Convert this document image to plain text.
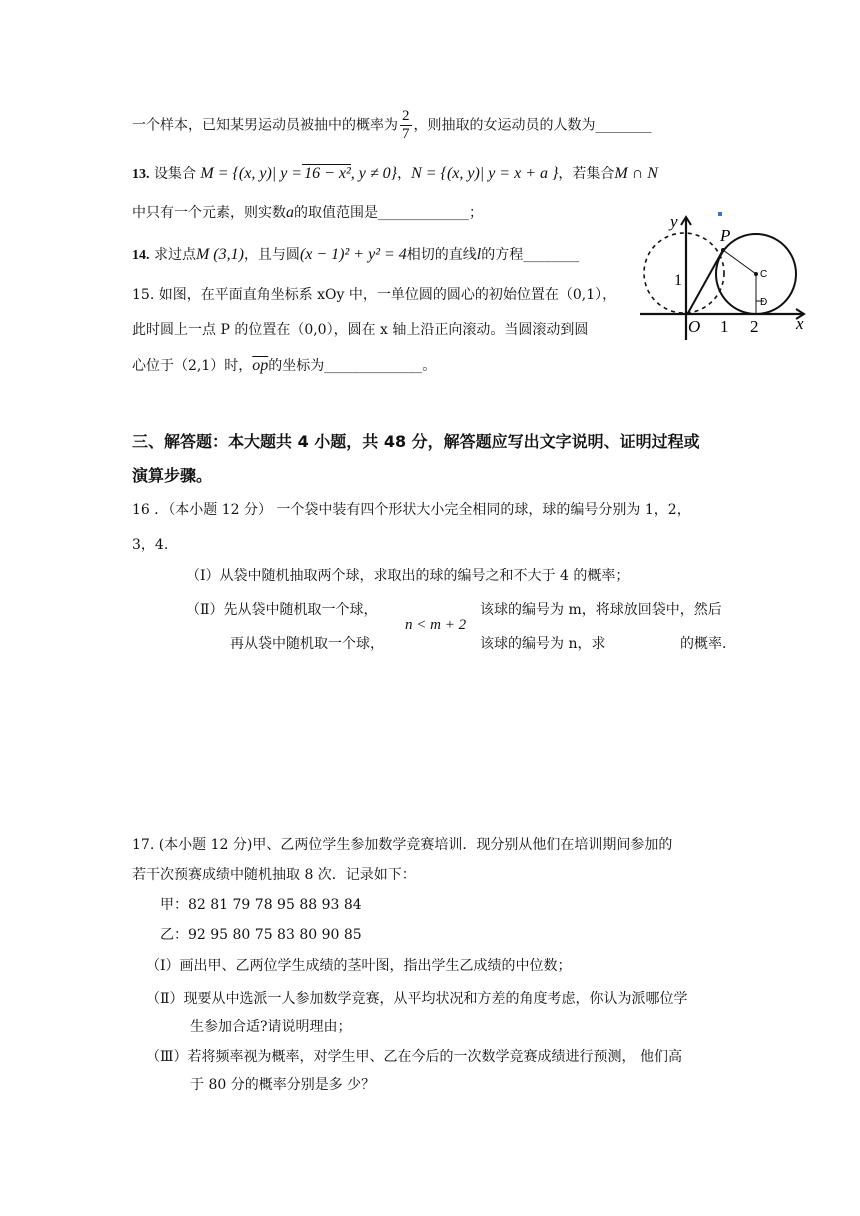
一个样本，已知某男运动员被抽中的概率为 $\frac{2}{7}$ ，则抽取的女运动员的人数为________
13. 设集合 M = {(x, y)| y = 16 − x², y ≠ 0}，N = {(x, y)| y = x + a }，若集合M ∩ N
中只有一个元素，则实数a的取值范围是_____________；
14. 求过点M (3,1)，且与圆(x − 1)² + y² = 4相切的直线l的方程________
15. 如图，在平面直角坐标系 xOy 中，一单位圆的圆心的初始位置在（0,1），
此时圆上一点 P 的位置在（0,0），圆在 x 轴上沿正向滚动。当圆滚动到圆
心位于（2,1）时，$\overline{op}$的坐标为______________。
y
x
P
C
D
1
O 1 2
三、解答题：本大题共 4 小题，共 48 分，解答题应写出文字说明、证明过程或
演算步骤。
16 ．（本小题 12 分） 一个袋中装有四个形状大小完全相同的球，球的编号分别为 1，2，
3，4.
（Ⅰ）从袋中随机抽取两个球，求取出的球的编号之和不大于 4 的概率；
（Ⅱ）先从袋中随机取一个球，	该球的编号为 m，将球放回袋中，然后
n < m + 2
再从袋中随机取一个球，	该球的编号为 n，求	的概率.
17. (本小题 12 分)甲、乙两位学生参加数学竞赛培训．现分别从他们在培训期间参加的
若干次预赛成绩中随机抽取 8 次．记录如下：
甲：82 81 79 78 95 88 93 84
乙：92 95 80 75 83 80 90 85
（Ⅰ）画出甲、乙两位学生成绩的茎叶图，指出学生乙成绩的中位数；
（Ⅱ）现要从中选派一人参加数学竞赛，从平均状况和方差的角度考虑，你认为派哪位学
生参加合适?请说明理由；
（Ⅲ）若将频率视为概率，对学生甲、乙在今后的一次数学竞赛成绩进行预测， 他们高
于 80 分的概率分别是多 少？
